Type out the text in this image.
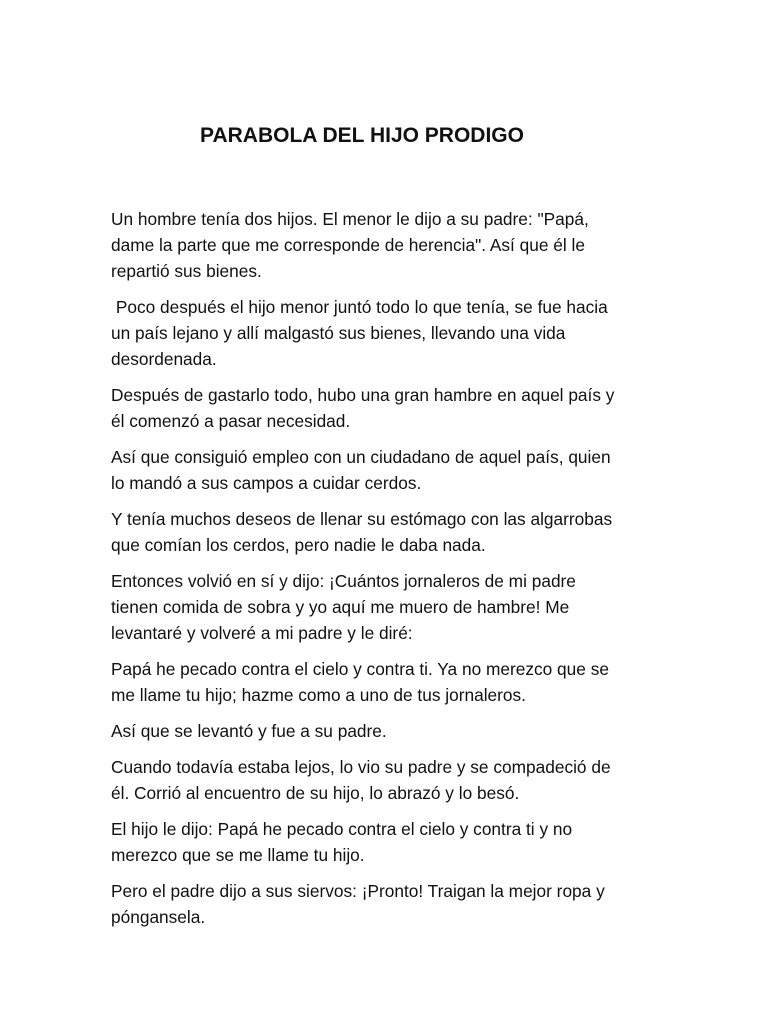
PARABOLA DEL HIJO PRODIGO

Un hombre tenía dos hijos. El menor le dijo a su padre: "Papá,
dame la parte que me corresponde de herencia". Así que él le
repartió sus bienes.

Poco después el hijo menor juntó todo lo que tenía, se fue hacia
un país lejano y allí malgastó sus bienes, llevando una vida
desordenada.

Después de gastarlo todo, hubo una gran hambre en aquel país y
él comenzó a pasar necesidad.

Así que consiguió empleo con un ciudadano de aquel país, quien
lo mandó a sus campos a cuidar cerdos.

Y tenía muchos deseos de llenar su estómago con las algarrobas
que comían los cerdos, pero nadie le daba nada.

Entonces volvió en sí y dijo: ¡Cuántos jornaleros de mi padre
tienen comida de sobra y yo aquí me muero de hambre! Me
levantaré y volveré a mi padre y le diré:

Papá he pecado contra el cielo y contra ti. Ya no merezco que se
me llame tu hijo; hazme como a uno de tus jornaleros.

Así que se levantó y fue a su padre.

Cuando todavía estaba lejos, lo vio su padre y se compadeció de
él. Corrió al encuentro de su hijo, lo abrazó y lo besó.

El hijo le dijo: Papá he pecado contra el cielo y contra ti y no
merezco que se me llame tu hijo.

Pero el padre dijo a sus siervos: ¡Pronto! Traigan la mejor ropa y
póngansela.
